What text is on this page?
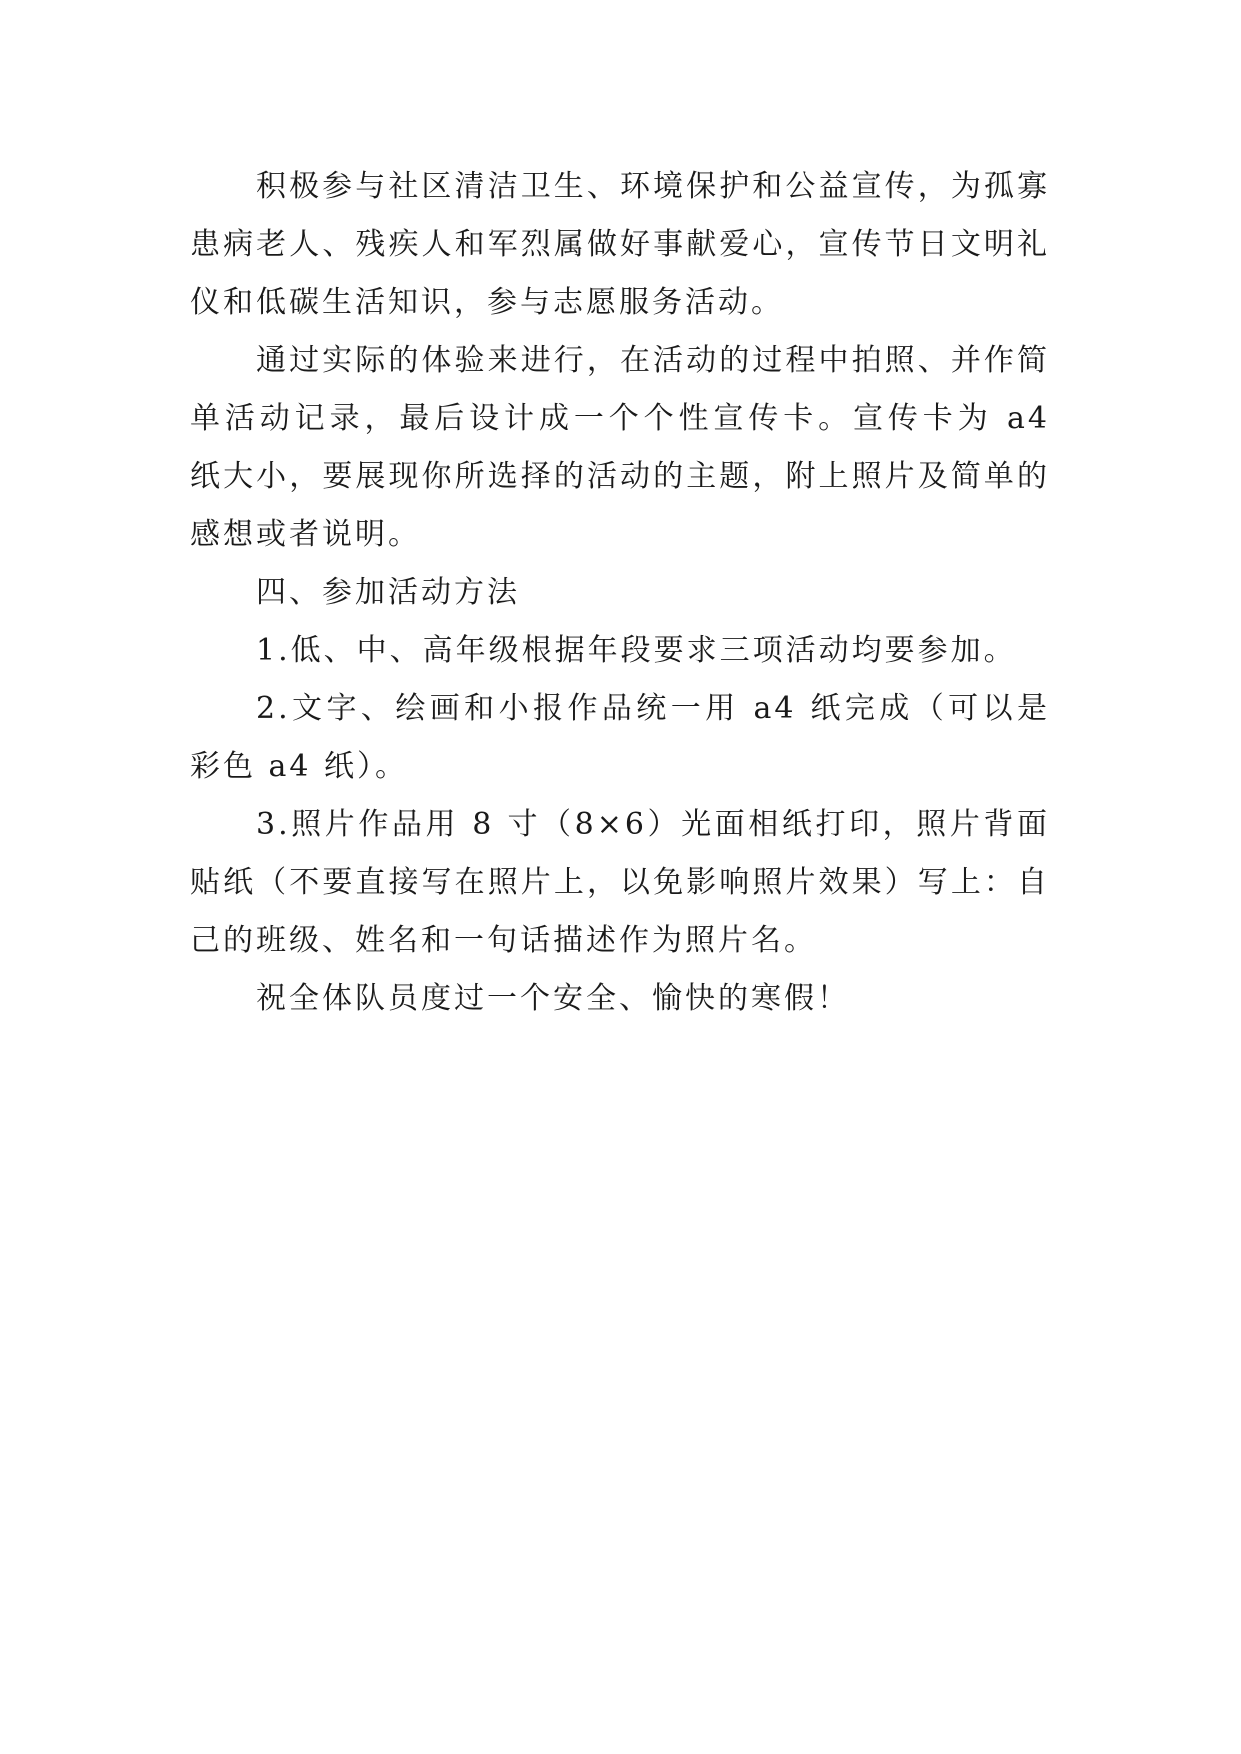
积极参与社区清洁卫生、环境保护和公益宣传，为孤寡患病老人、残疾人和军烈属做好事献爱心，宣传节日文明礼仪和低碳生活知识，参与志愿服务活动。

通过实际的体验来进行，在活动的过程中拍照、并作简单活动记录，最后设计成一个个性宣传卡。宣传卡为 a4 纸大小，要展现你所选择的活动的主题，附上照片及简单的感想或者说明。

四、参加活动方法

1.低、中、高年级根据年段要求三项活动均要参加。

2.文字、绘画和小报作品统一用 a4 纸完成（可以是彩色 a4 纸）。

3.照片作品用 8 寸（8×6）光面相纸打印，照片背面贴纸（不要直接写在照片上，以免影响照片效果）写上：自己的班级、姓名和一句话描述作为照片名。

祝全体队员度过一个安全、愉快的寒假！
